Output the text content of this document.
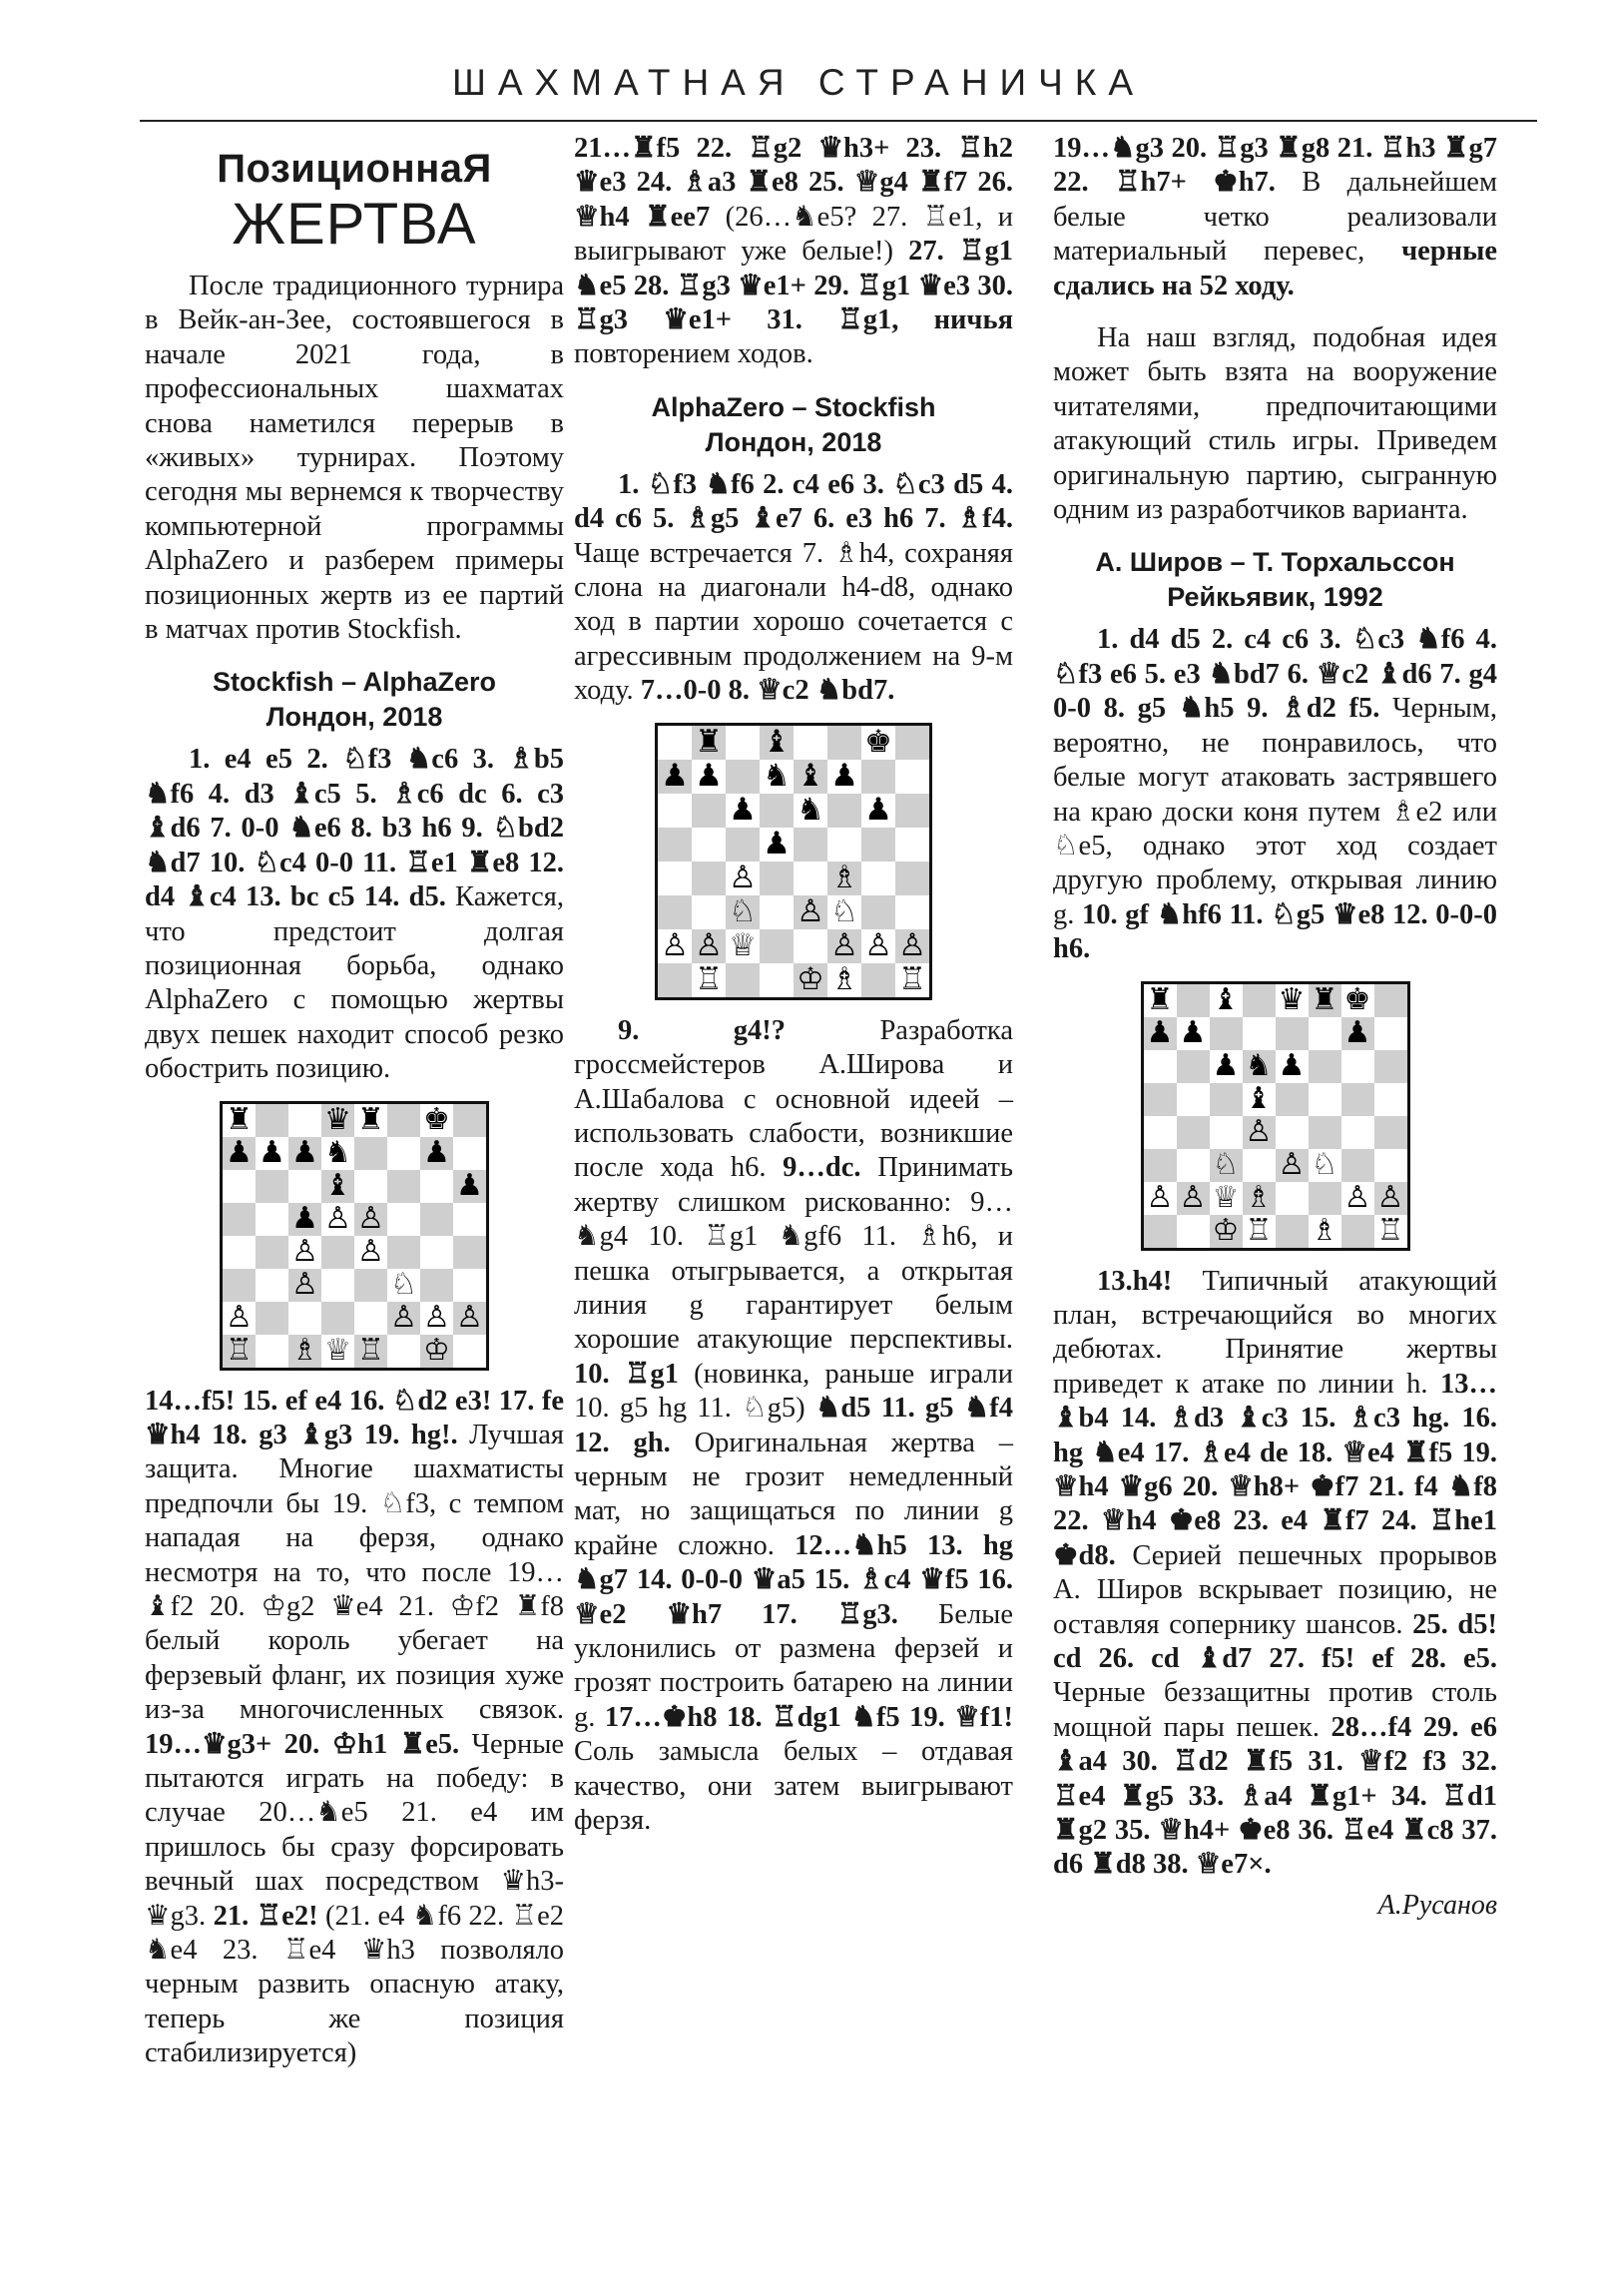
ШАХМАТНАЯ СТРАНИЧКА
ПозиционнаЯ
ЖЕРТВА

После традиционного турнира в Вейк-ан-Зее, состоявшегося в начале 2021 года, в профессиональных шахматах снова наметился перерыв в «живых» турнирах. Поэтому сегодня мы вернемся к творчеству компьютерной программы AlphaZero и разберем примеры позиционных жертв из ее партий в матчах против Stockfish.

Stockfish – AlphaZero
Лондон, 2018

1. e4 e5 2. ♘f3 ♞c6 3. ♗b5 ♞f6 4. d3 ♝c5 5. ♗c6 dc 6. c3 ♝d6 7. 0-0 ♞e6 8. b3 h6 9. ♘bd2 ♞d7 10. ♘c4 0-0 11. ♖e1 ♜e8 12. d4 ♝c4 13. bc c5 14. d5. Кажется, что предстоит долгая позиционная борьба, однако AlphaZero с помощью жертвы двух пешек находит способ резко обострить позицию.

♜ ♛ ♜ ♚
♟ ♟ ♟ ♞ ♟
♝	♟
♟ ♙ ♙
♙ ♙
♙ ♘
♙	♙ ♙ ♙
♖ ♗ ♕ ♖ ♔

14…f5! 15. ef e4 16. ♘d2 e3! 17. fe ♛h4 18. g3 ♝g3 19. hg!. Лучшая защита. Многие шахматисты предпочли бы 19. ♘f3, с темпом нападая на ферзя, однако несмотря на то, что после 19…♝f2 20. ♔g2 ♛e4 21. ♔f2 ♜f8 белый король убегает на ферзевый фланг, их позиция хуже из-за многочисленных связок. 19…♛g3+ 20. ♔h1 ♜e5. Черные пытаются играть на победу: в случае 20…♞e5 21. e4 им пришлось бы сразу форсировать вечный шах посредством ♛h3-♛g3. 21. ♖e2! (21. e4 ♞f6 22. ♖e2 ♞e4 23. ♖e4 ♛h3 позволяло черным развить опасную атаку, теперь же позиция стабилизируется)

21…♜f5 22. ♖g2 ♛h3+ 23. ♖h2 ♛e3 24. ♗a3 ♜e8 25. ♕g4 ♜f7 26. ♕h4 ♜ee7 (26…♞e5? 27. ♖e1, и выигрывают уже белые!) 27. ♖g1 ♞e5 28. ♖g3 ♛e1+ 29. ♖g1 ♛e3 30. ♖g3 ♛e1+ 31. ♖g1, ничья повторением ходов.

AlphaZero – Stockfish
Лондон, 2018

1. ♘f3 ♞f6 2. c4 e6 3. ♘c3 d5 4. d4 c6 5. ♗g5 ♝e7 6. e3 h6 7. ♗f4. Чаще встречается 7. ♗h4, сохраняя слона на диагонали h4-d8, однако ход в партии хорошо сочетается с агрессивным продолжением на 9-м ходу. 7…0-0 8. ♕c2 ♞bd7.

♜ ♝ ♚
♟ ♟ ♞ ♝ ♟
♟ ♞ ♟
♟
♙ ♗
♘ ♙ ♘
♙ ♙ ♕ ♙ ♙ ♙
♖ ♔ ♗ ♖

9. g4!? Разработка гроссмейстеров А.Широва и А.Шабалова с основной идеей – использовать слабости, возникшие после хода h6. 9…dc. Принимать жертву слишком рискованно: 9…♞g4 10. ♖g1 ♞gf6 11. ♗h6, и пешка отыгрывается, а открытая линия g гарантирует белым хорошие атакующие перспективы. 10. ♖g1 (новинка, раньше играли 10. g5 hg 11. ♘g5) ♞d5 11. g5 ♞f4 12. gh. Оригинальная жертва – черным не грозит немедленный мат, но защищаться по линии g крайне сложно. 12…♞h5 13. hg ♞g7 14. 0-0-0 ♛a5 15. ♗c4 ♛f5 16. ♕e2 ♛h7 17. ♖g3. Белые уклонились от размена ферзей и грозят построить батарею на линии g. 17…♚h8 18. ♖dg1 ♞f5 19. ♕f1! Соль замысла белых – отдавая качество, они затем выигрывают ферзя.

19…♞g3 20. ♖g3 ♜g8 21. ♖h3 ♜g7 22. ♖h7+ ♚h7. В дальнейшем белые четко реализовали материальный перевес, черные сдались на 52 ходу.

На наш взгляд, подобная идея может быть взята на вооружение читателями, предпочитающими атакующий стиль игры. Приведем оригинальную партию, сыгранную одним из разработчиков варианта.

А. Широв – Т. Торхальссон
Рейкьявик, 1992

1. d4 d5 2. c4 c6 3. ♘c3 ♞f6 4. ♘f3 e6 5. e3 ♞bd7 6. ♕c2 ♝d6 7. g4 0-0 8. g5 ♞h5 9. ♗d2 f5. Черным, вероятно, не понравилось, что белые могут атаковать застрявшего на краю доски коня путем ♗e2 или ♘e5, однако этот ход создает другую проблему, открывая линию g. 10. gf ♞hf6 11. ♘g5 ♛e8 12. 0-0-0 h6.

♜ ♝ ♛ ♜ ♚
♟ ♟	♟
♟ ♞ ♟
♝
♙
♘ ♙ ♘
♙ ♙ ♕ ♗ ♙ ♙
♔ ♖ ♗ ♖

13.h4! Типичный атакующий план, встречающийся во многих дебютах. Принятие жертвы приведет к атаке по линии h. 13…♝b4 14. ♗d3 ♝c3 15. ♗c3 hg. 16. hg ♞e4 17. ♗e4 de 18. ♕e4 ♜f5 19. ♕h4 ♛g6 20. ♕h8+ ♚f7 21. f4 ♞f8 22. ♕h4 ♚e8 23. e4 ♜f7 24. ♖he1 ♚d8. Серией пешечных прорывов А. Широв вскрывает позицию, не оставляя сопернику шансов. 25. d5! cd 26. cd ♝d7 27. f5! ef 28. e5. Черные беззащитны против столь мощной пары пешек. 28…f4 29. e6 ♝a4 30. ♖d2 ♜f5 31. ♕f2 f3 32. ♖e4 ♜g5 33. ♗a4 ♜g1+ 34. ♖d1 ♜g2 35. ♕h4+ ♚e8 36. ♖e4 ♜c8 37. d6 ♜d8 38. ♕e7×.

А.Русанов
